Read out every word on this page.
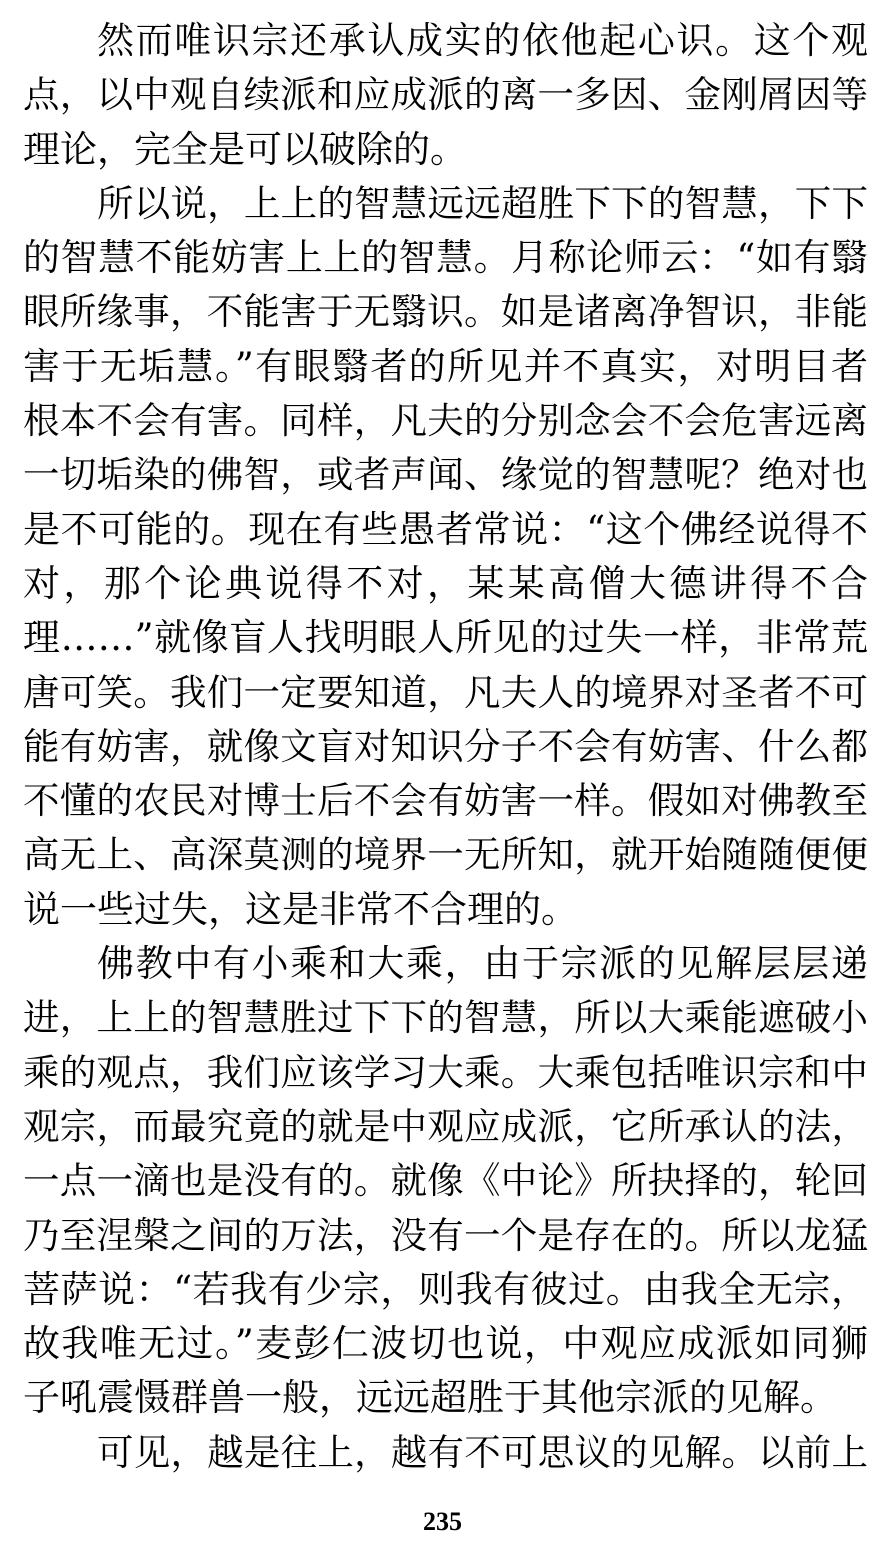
然而唯识宗还承认成实的依他起心识。这个观
点，以中观自续派和应成派的离一多因、金刚屑因等
理论，完全是可以破除的。
所以说，上上的智慧远远超胜下下的智慧，下下
的智慧不能妨害上上的智慧。月称论师云：“如有翳
眼所缘事，不能害于无翳识。如是诸离净智识，非能
害于无垢慧。”有眼翳者的所见并不真实，对明目者
根本不会有害。同样，凡夫的分别念会不会危害远离
一切垢染的佛智，或者声闻、缘觉的智慧呢？绝对也
是不可能的。现在有些愚者常说：“这个佛经说得不
对，那个论典说得不对，某某高僧大德讲得不合
理……”就像盲人找明眼人所见的过失一样，非常荒
唐可笑。我们一定要知道，凡夫人的境界对圣者不可
能有妨害，就像文盲对知识分子不会有妨害、什么都
不懂的农民对博士后不会有妨害一样。假如对佛教至
高无上、高深莫测的境界一无所知，就开始随随便便
说一些过失，这是非常不合理的。
佛教中有小乘和大乘，由于宗派的见解层层递
进，上上的智慧胜过下下的智慧，所以大乘能遮破小
乘的观点，我们应该学习大乘。大乘包括唯识宗和中
观宗，而最究竟的就是中观应成派，它所承认的法，
一点一滴也是没有的。就像《中论》所抉择的，轮回
乃至涅槃之间的万法，没有一个是存在的。所以龙猛
菩萨说：“若我有少宗，则我有彼过。由我全无宗，
故我唯无过。”麦彭仁波切也说，中观应成派如同狮
子吼震慑群兽一般，远远超胜于其他宗派的见解。
可见，越是往上，越有不可思议的见解。以前上
235
